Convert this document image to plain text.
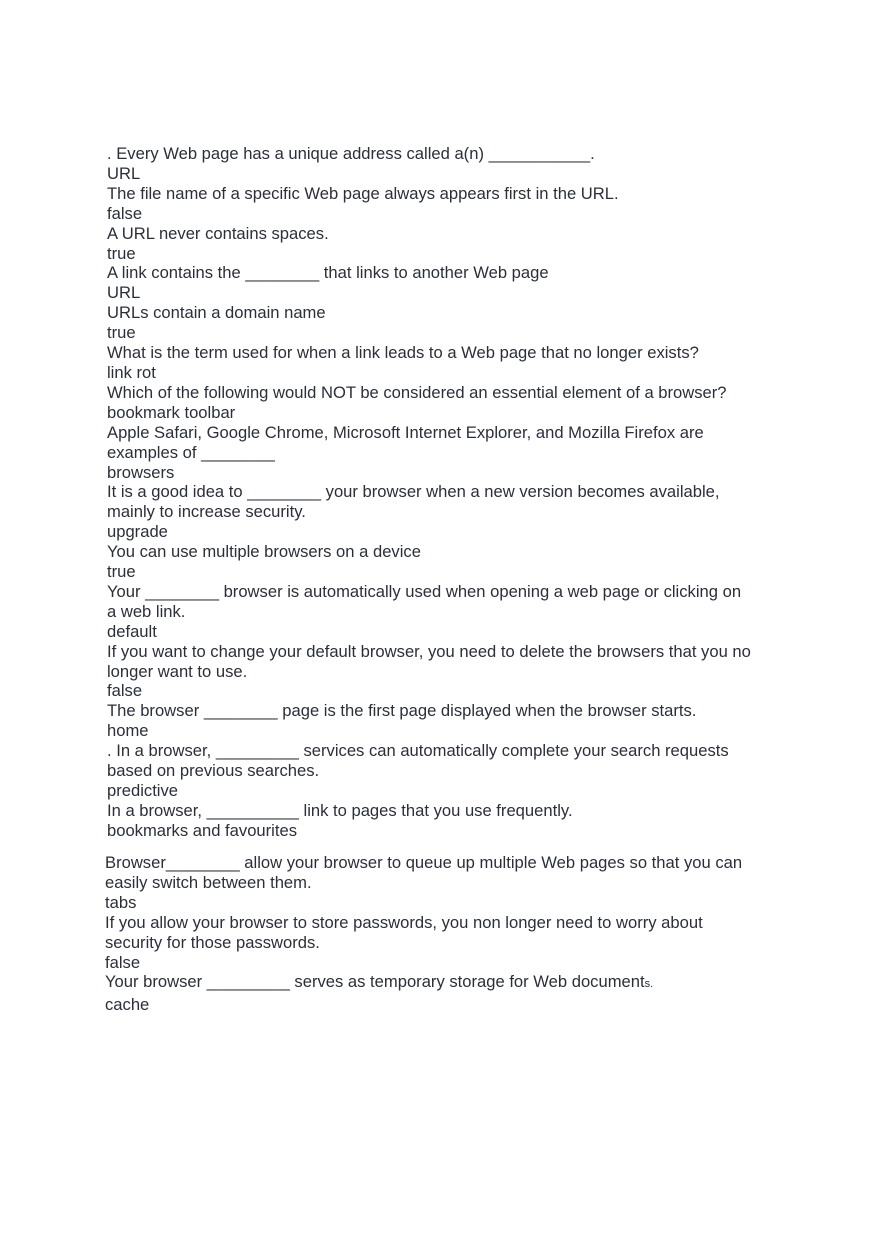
. Every Web page has a unique address called a(n) ___________.

URL

The file name of a specific Web page always appears first in the URL.

false

A URL never contains spaces.

true

A link contains the ________ that links to another Web page

URL

URLs contain a domain name

true

What is the term used for when a link leads to a Web page that no longer exists?

link rot

Which of the following would NOT be considered an essential element of a browser?

bookmark toolbar

Apple Safari, Google Chrome, Microsoft Internet Explorer, and Mozilla Firefox are
examples of ________

browsers

It is a good idea to ________ your browser when a new version becomes available,
mainly to increase security.

upgrade

You can use multiple browsers on a device

true

Your ________ browser is automatically used when opening a web page or clicking on
a web link.

default

If you want to change your default browser, you need to delete the browsers that you no
longer want to use.

false

The browser ________ page is the first page displayed when the browser starts.

home

. In a browser, _________ services can automatically complete your search requests
based on previous searches.

predictive

In a browser, __________ link to pages that you use frequently.

bookmarks and favourites

Browser________ allow your browser to queue up multiple Web pages so that you can
easily switch between them.

tabs

If you allow your browser to store passwords, you non longer need to worry about
security for those passwords.

false

Your browser _________ serves as temporary storage for Web documents.

cache
